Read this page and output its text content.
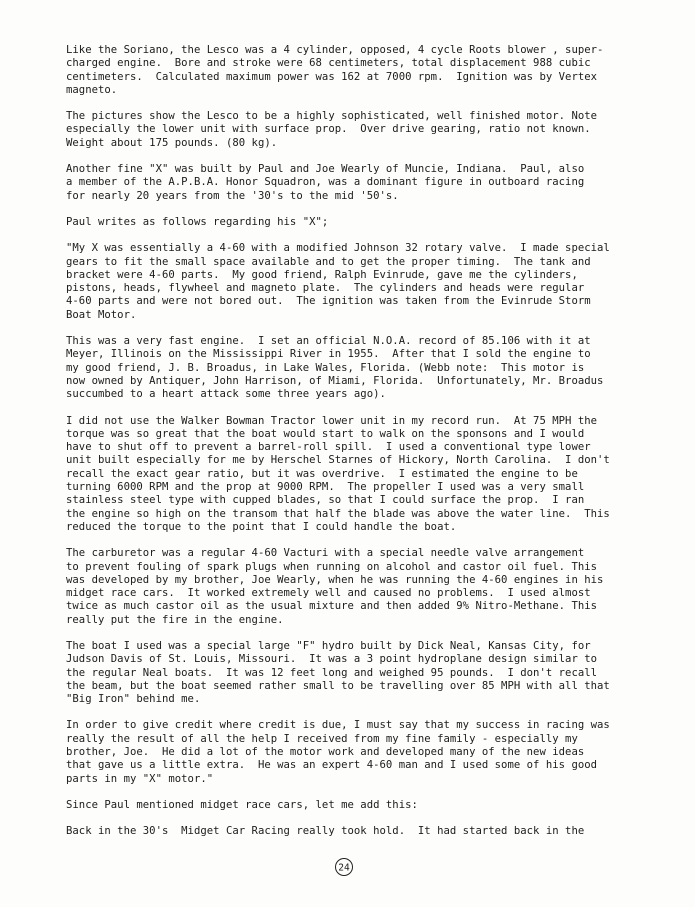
Like the Soriano, the Lesco was a 4 cylinder, opposed, 4 cycle Roots blower , super-
charged engine.  Bore and stroke were 68 centimeters, total displacement 988 cubic
centimeters.  Calculated maximum power was 162 at 7000 rpm.  Ignition was by Vertex
magneto.
The pictures show the Lesco to be a highly sophisticated, well finished motor. Note
especially the lower unit with surface prop.  Over drive gearing, ratio not known.
Weight about 175 pounds. (80 kg).
Another fine "X" was built by Paul and Joe Wearly of Muncie, Indiana.  Paul, also
a member of the A.P.B.A. Honor Squadron, was a dominant figure in outboard racing
for nearly 20 years from the '30's to the mid '50's.
Paul writes as follows regarding his "X";
"My X was essentially a 4-60 with a modified Johnson 32 rotary valve.  I made special
gears to fit the small space available and to get the proper timing.  The tank and
bracket were 4-60 parts.  My good friend, Ralph Evinrude, gave me the cylinders,
pistons, heads, flywheel and magneto plate.  The cylinders and heads were regular
4-60 parts and were not bored out.  The ignition was taken from the Evinrude Storm
Boat Motor.
This was a very fast engine.  I set an official N.O.A. record of 85.106 with it at
Meyer, Illinois on the Mississippi River in 1955.  After that I sold the engine to
my good friend, J. B. Broadus, in Lake Wales, Florida. (Webb note:  This motor is
now owned by Antiquer, John Harrison, of Miami, Florida.  Unfortunately, Mr. Broadus
succumbed to a heart attack some three years ago).
I did not use the Walker Bowman Tractor lower unit in my record run.  At 75 MPH the
torque was so great that the boat would start to walk on the sponsons and I would
have to shut off to prevent a barrel-roll spill.  I used a conventional type lower
unit built especially for me by Herschel Starnes of Hickory, North Carolina.  I don't
recall the exact gear ratio, but it was overdrive.  I estimated the engine to be
turning 6000 RPM and the prop at 9000 RPM.  The propeller I used was a very small
stainless steel type with cupped blades, so that I could surface the prop.  I ran
the engine so high on the transom that half the blade was above the water line.  This
reduced the torque to the point that I could handle the boat.
The carburetor was a regular 4-60 Vacturi with a special needle valve arrangement
to prevent fouling of spark plugs when running on alcohol and castor oil fuel. This
was developed by my brother, Joe Wearly, when he was running the 4-60 engines in his
midget race cars.  It worked extremely well and caused no problems.  I used almost
twice as much castor oil as the usual mixture and then added 9% Nitro-Methane. This
really put the fire in the engine.
The boat I used was a special large "F" hydro built by Dick Neal, Kansas City, for
Judson Davis of St. Louis, Missouri.  It was a 3 point hydroplane design similar to
the regular Neal boats.  It was 12 feet long and weighed 95 pounds.  I don't recall
the beam, but the boat seemed rather small to be travelling over 85 MPH with all that
"Big Iron" behind me.
In order to give credit where credit is due, I must say that my success in racing was
really the result of all the help I received from my fine family - especially my
brother, Joe.  He did a lot of the motor work and developed many of the new ideas
that gave us a little extra.  He was an expert 4-60 man and I used some of his good
parts in my "X" motor."
Since Paul mentioned midget race cars, let me add this:
Back in the 30's  Midget Car Racing really took hold.  It had started back in the
24
